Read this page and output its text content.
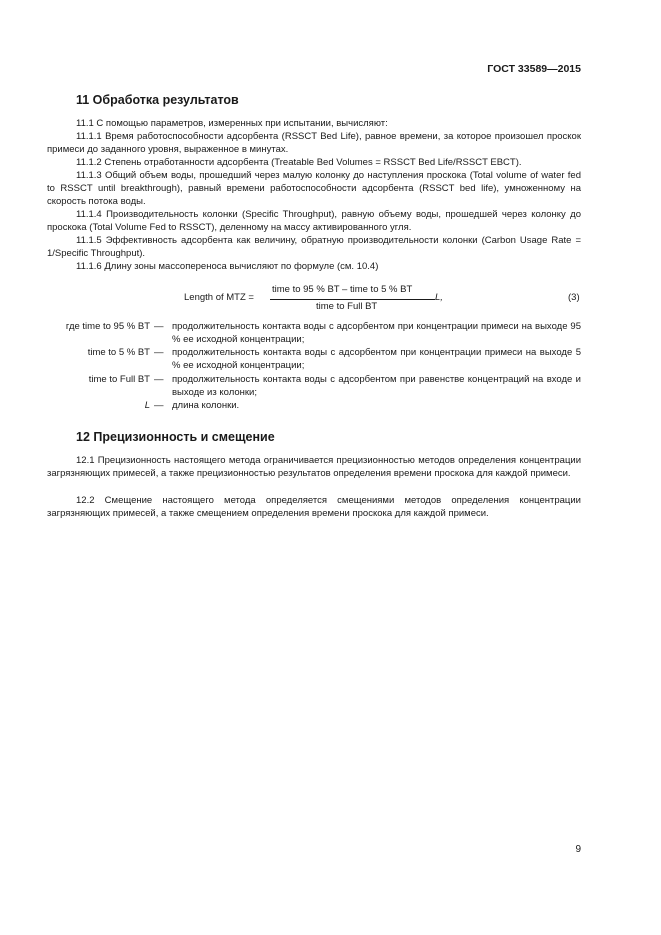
ГОСТ 33589—2015
11 Обработка результатов
11.1 С помощью параметров, измеренных при испытании, вычисляют:
11.1.1 Время работоспособности адсорбента (RSSCT Bed Life), равное времени, за которое произошел проскок примеси до заданного уровня, выраженное в минутах.
11.1.2 Степень отработанности адсорбента (Treatable Bed Volumes = RSSCT Bed Life/RSSCT EBCT).
11.1.3 Общий объем воды, прошедший через малую колонку до наступления проскока (Total volume of water fed to RSSCT until breakthrough), равный времени работоспособности адсорбента (RSSCT bed life), умноженному на скорость потока воды.
11.1.4 Производительность колонки (Specific Throughput), равную объему воды, прошедшей через колонку до проскока (Total Volume Fed to RSSCT), деленному на массу активированного угля.
11.1.5 Эффективность адсорбента как величину, обратную производительности колонки (Carbon Usage Rate = 1/Specific Throughput).
11.1.6 Длину зоны массопереноса вычисляют по формуле (см. 10.4)
Length of MTZ =
time to 95 % BT – time to 5 % BT
time to Full BT
L,	(3)
где time to 95 % BT — продолжительность контакта воды с адсорбентом при концентрации примеси на выходе 95 % ее исходной концентрации;
time to 5 % BT — продолжительность контакта воды с адсорбентом при концентрации примеси на выходе 5 % ее исходной концентрации;
time to Full BT — продолжительность контакта воды с адсорбентом при равенстве концентраций на входе и выходе из колонки;
L — длина колонки.
12 Прецизионность и смещение
12.1 Прецизионность настоящего метода ограничивается прецизионностью методов определения концентрации загрязняющих примесей, а также прецизионностью результатов определения времени проскока для каждой примеси.
12.2 Смещение настоящего метода определяется смещениями методов определения концентрации загрязняющих примесей, а также смещением определения времени проскока для каждой примеси.
9
